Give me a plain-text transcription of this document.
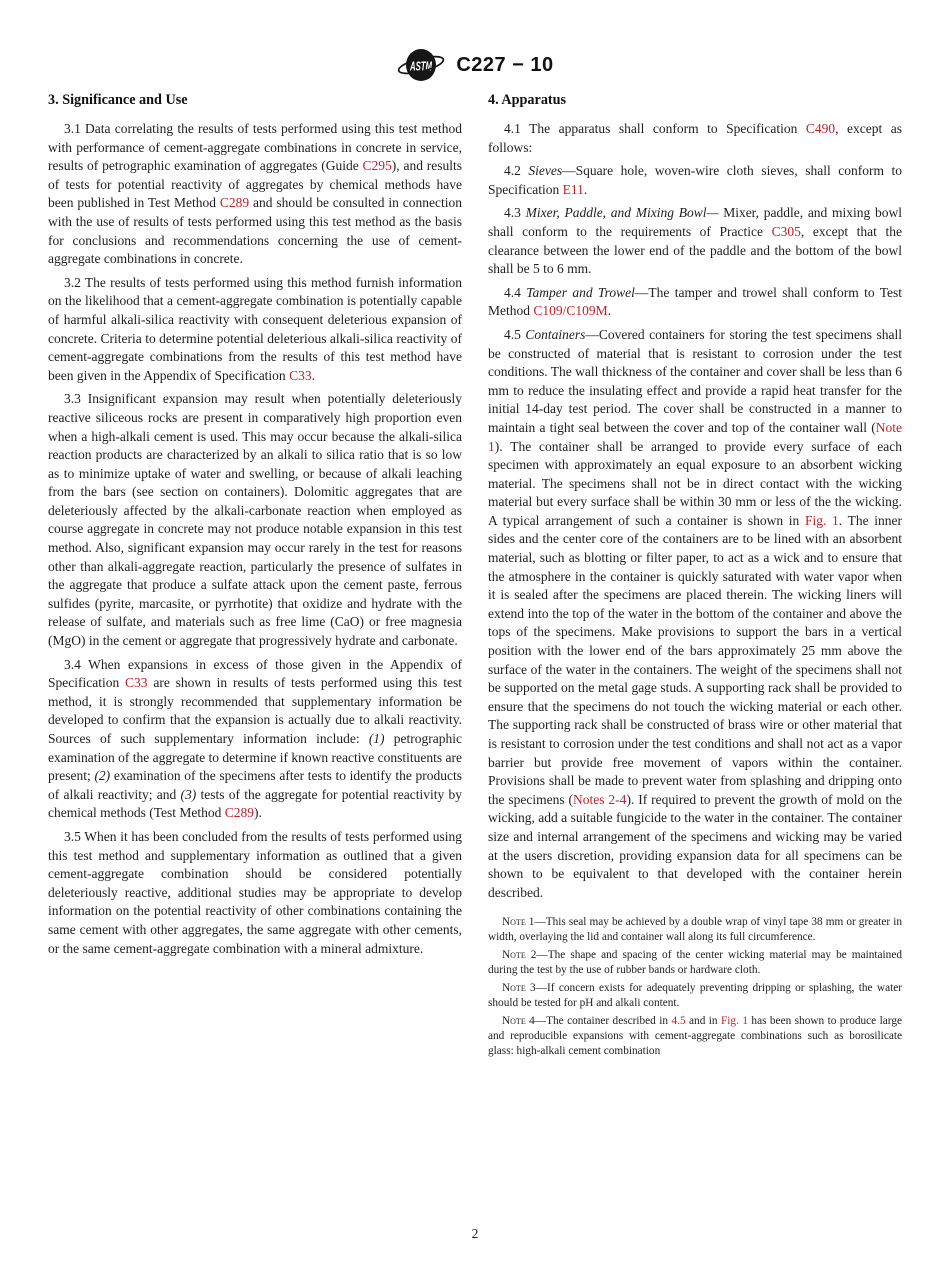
ASTM C227 − 10
3. Significance and Use

3.1 Data correlating the results of tests performed using this test method with performance of cement-aggregate combinations in concrete in service, results of petrographic examination of aggregates (Guide C295), and results of tests for potential reactivity of aggregates by chemical methods have been published in Test Method C289 and should be consulted in connection with the use of results of tests performed using this test method as the basis for conclusions and recommendations concerning the use of cement-aggregate combinations in concrete.

3.2 The results of tests performed using this method furnish information on the likelihood that a cement-aggregate combination is potentially capable of harmful alkali-silica reactivity with consequent deleterious expansion of concrete. Criteria to determine potential deleterious alkali-silica reactivity of cement-aggregate combinations from the results of this test method have been given in the Appendix of Specification C33.

3.3 Insignificant expansion may result when potentially deleteriously reactive siliceous rocks are present in comparatively high proportion even when a high-alkali cement is used. This may occur because the alkali-silica reaction products are characterized by an alkali to silica ratio that is so low as to minimize uptake of water and swelling, or because of alkali leaching from the bars (see section on containers). Dolomitic aggregates that are deleteriously affected by the alkali-carbonate reaction when employed as course aggregate in concrete may not produce notable expansion in this test method. Also, significant expansion may occur rarely in the test for reasons other than alkali-aggregate reaction, particularly the presence of sulfates in the aggregate that produce a sulfate attack upon the cement paste, ferrous sulfides (pyrite, marcasite, or pyrrhotite) that oxidize and hydrate with the release of sulfate, and materials such as free lime (CaO) or free magnesia (MgO) in the cement or aggregate that progressively hydrate and carbonate.

3.4 When expansions in excess of those given in the Appendix of Specification C33 are shown in results of tests performed using this test method, it is strongly recommended that supplementary information be developed to confirm that the expansion is actually due to alkali reactivity. Sources of such supplementary information include: (1) petrographic examination of the aggregate to determine if known reactive constituents are present; (2) examination of the specimens after tests to identify the products of alkali reactivity; and (3) tests of the aggregate for potential reactivity by chemical methods (Test Method C289).

3.5 When it has been concluded from the results of tests performed using this test method and supplementary information as outlined that a given cement-aggregate combination should be considered potentially deleteriously reactive, additional studies may be appropriate to develop information on the potential reactivity of other combinations containing the same cement with other aggregates, the same aggregate with other cements, or the same cement-aggregate combination with a mineral admixture.

4. Apparatus

4.1 The apparatus shall conform to Specification C490, except as follows:

4.2 Sieves—Square hole, woven-wire cloth sieves, shall conform to Specification E11.

4.3 Mixer, Paddle, and Mixing Bowl— Mixer, paddle, and mixing bowl shall conform to the requirements of Practice C305, except that the clearance between the lower end of the paddle and the bottom of the bowl shall be 5 to 6 mm.

4.4 Tamper and Trowel—The tamper and trowel shall conform to Test Method C109/C109M.

4.5 Containers—Covered containers for storing the test specimens shall be constructed of material that is resistant to corrosion under the test conditions. The wall thickness of the container and cover shall be less than 6 mm to reduce the insulating effect and provide a rapid heat transfer for the initial 14-day test period. The cover shall be constructed in a manner to maintain a tight seal between the cover and top of the container wall (Note 1). The container shall be arranged to provide every surface of each specimen with approximately an equal exposure to an absorbent wicking material. The specimens shall not be in direct contact with the wicking material but every surface shall be within 30 mm or less of the the wicking. A typical arrangement of such a container is shown in Fig. 1. The inner sides and the center core of the containers are to be lined with an absorbent material, such as blotting or filter paper, to act as a wick and to ensure that the atmosphere in the container is quickly saturated with water vapor when it is sealed after the specimens are placed therein. The wicking liners will extend into the top of the water in the bottom of the container and above the tops of the specimens. Make provisions to support the bars in a vertical position with the lower end of the bars approximately 25 mm above the surface of the water in the containers. The weight of the specimens shall not be supported on the metal gage studs. A supporting rack shall be provided to ensure that the specimens do not touch the wicking material or each other. The supporting rack shall be constructed of brass wire or other material that is resistant to corrosion under the test conditions and shall not act as a vapor barrier but provide free movement of vapors within the container. Provisions shall be made to prevent water from splashing and dripping onto the specimens (Notes 2-4). If required to prevent the growth of mold on the wicking, add a suitable fungicide to the water in the container. The container size and internal arrangement of the specimens and wicking may be varied at the users discretion, providing expansion data for all specimens can be shown to be equivalent to that developed with the container herein described.

Note 1—This seal may be achieved by a double wrap of vinyl tape 38 mm or greater in width, overlaying the lid and container wall along its full circumference.

Note 2—The shape and spacing of the center wicking material may be maintained during the test by the use of rubber bands or hardware cloth.

Note 3—If concern exists for adequately preventing dripping or splashing, the water should be tested for pH and alkali content.

Note 4—The container described in 4.5 and in Fig. 1 has been shown to produce large and reproducible expansions with cement-aggregate combinations such as borosilicate glass: high-alkali cement combination

2
